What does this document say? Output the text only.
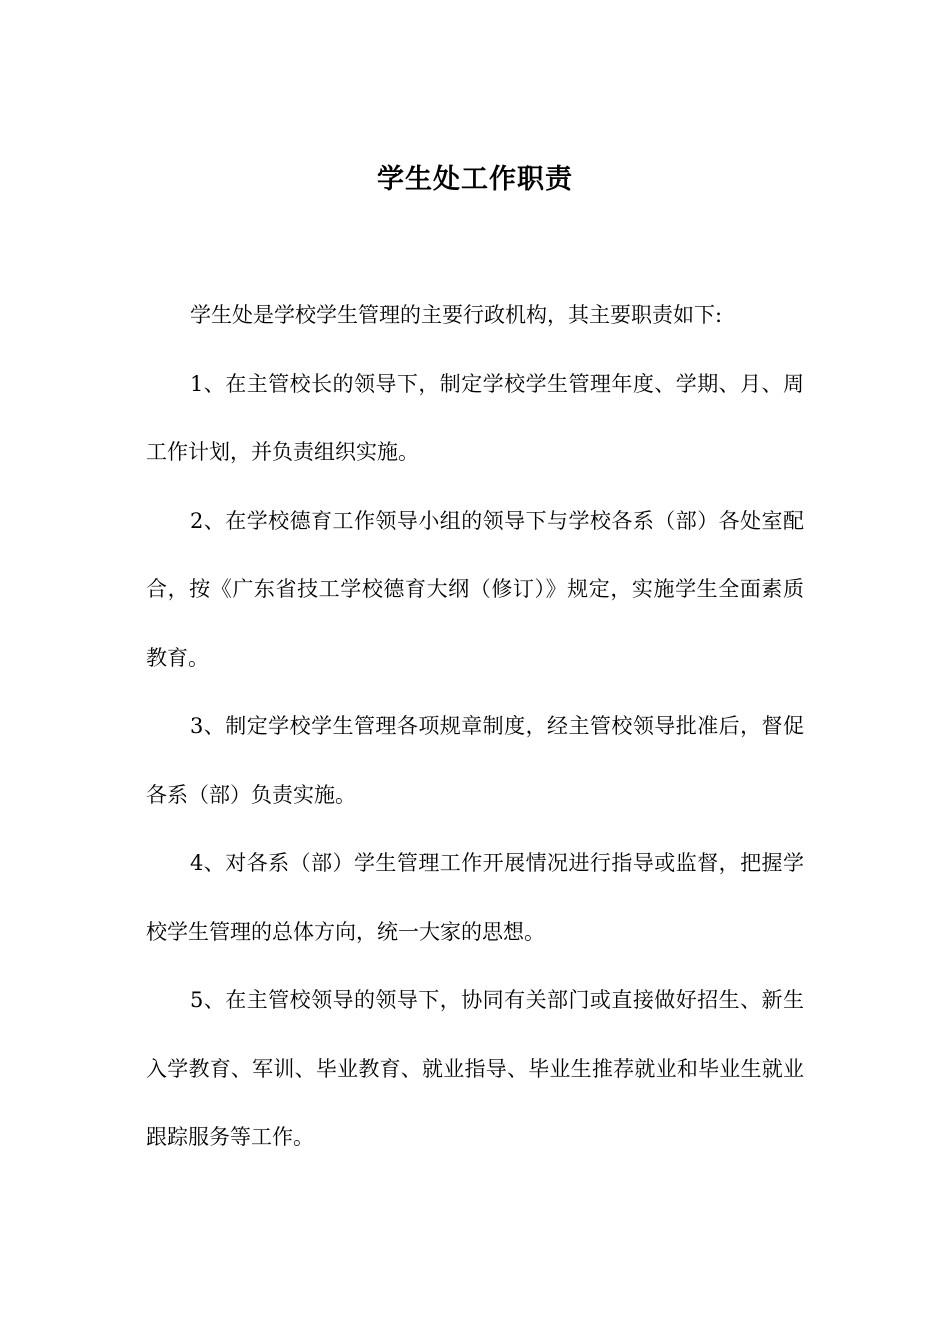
学生处工作职责

学生处是学校学生管理的主要行政机构，其主要职责如下:

1、在主管校长的领导下，制定学校学生管理年度、学期、月、周工作计划，并负责组织实施。

2、在学校德育工作领导小组的领导下与学校各系（部）各处室配合，按《广东省技工学校德育大纲（修订）》规定，实施学生全面素质教育。

3、制定学校学生管理各项规章制度，经主管校领导批准后，督促各系（部）负责实施。

4、对各系（部）学生管理工作开展情况进行指导或监督，把握学校学生管理的总体方向，统一大家的思想。

5、在主管校领导的领导下，协同有关部门或直接做好招生、新生入学教育、军训、毕业教育、就业指导、毕业生推荐就业和毕业生就业跟踪服务等工作。
